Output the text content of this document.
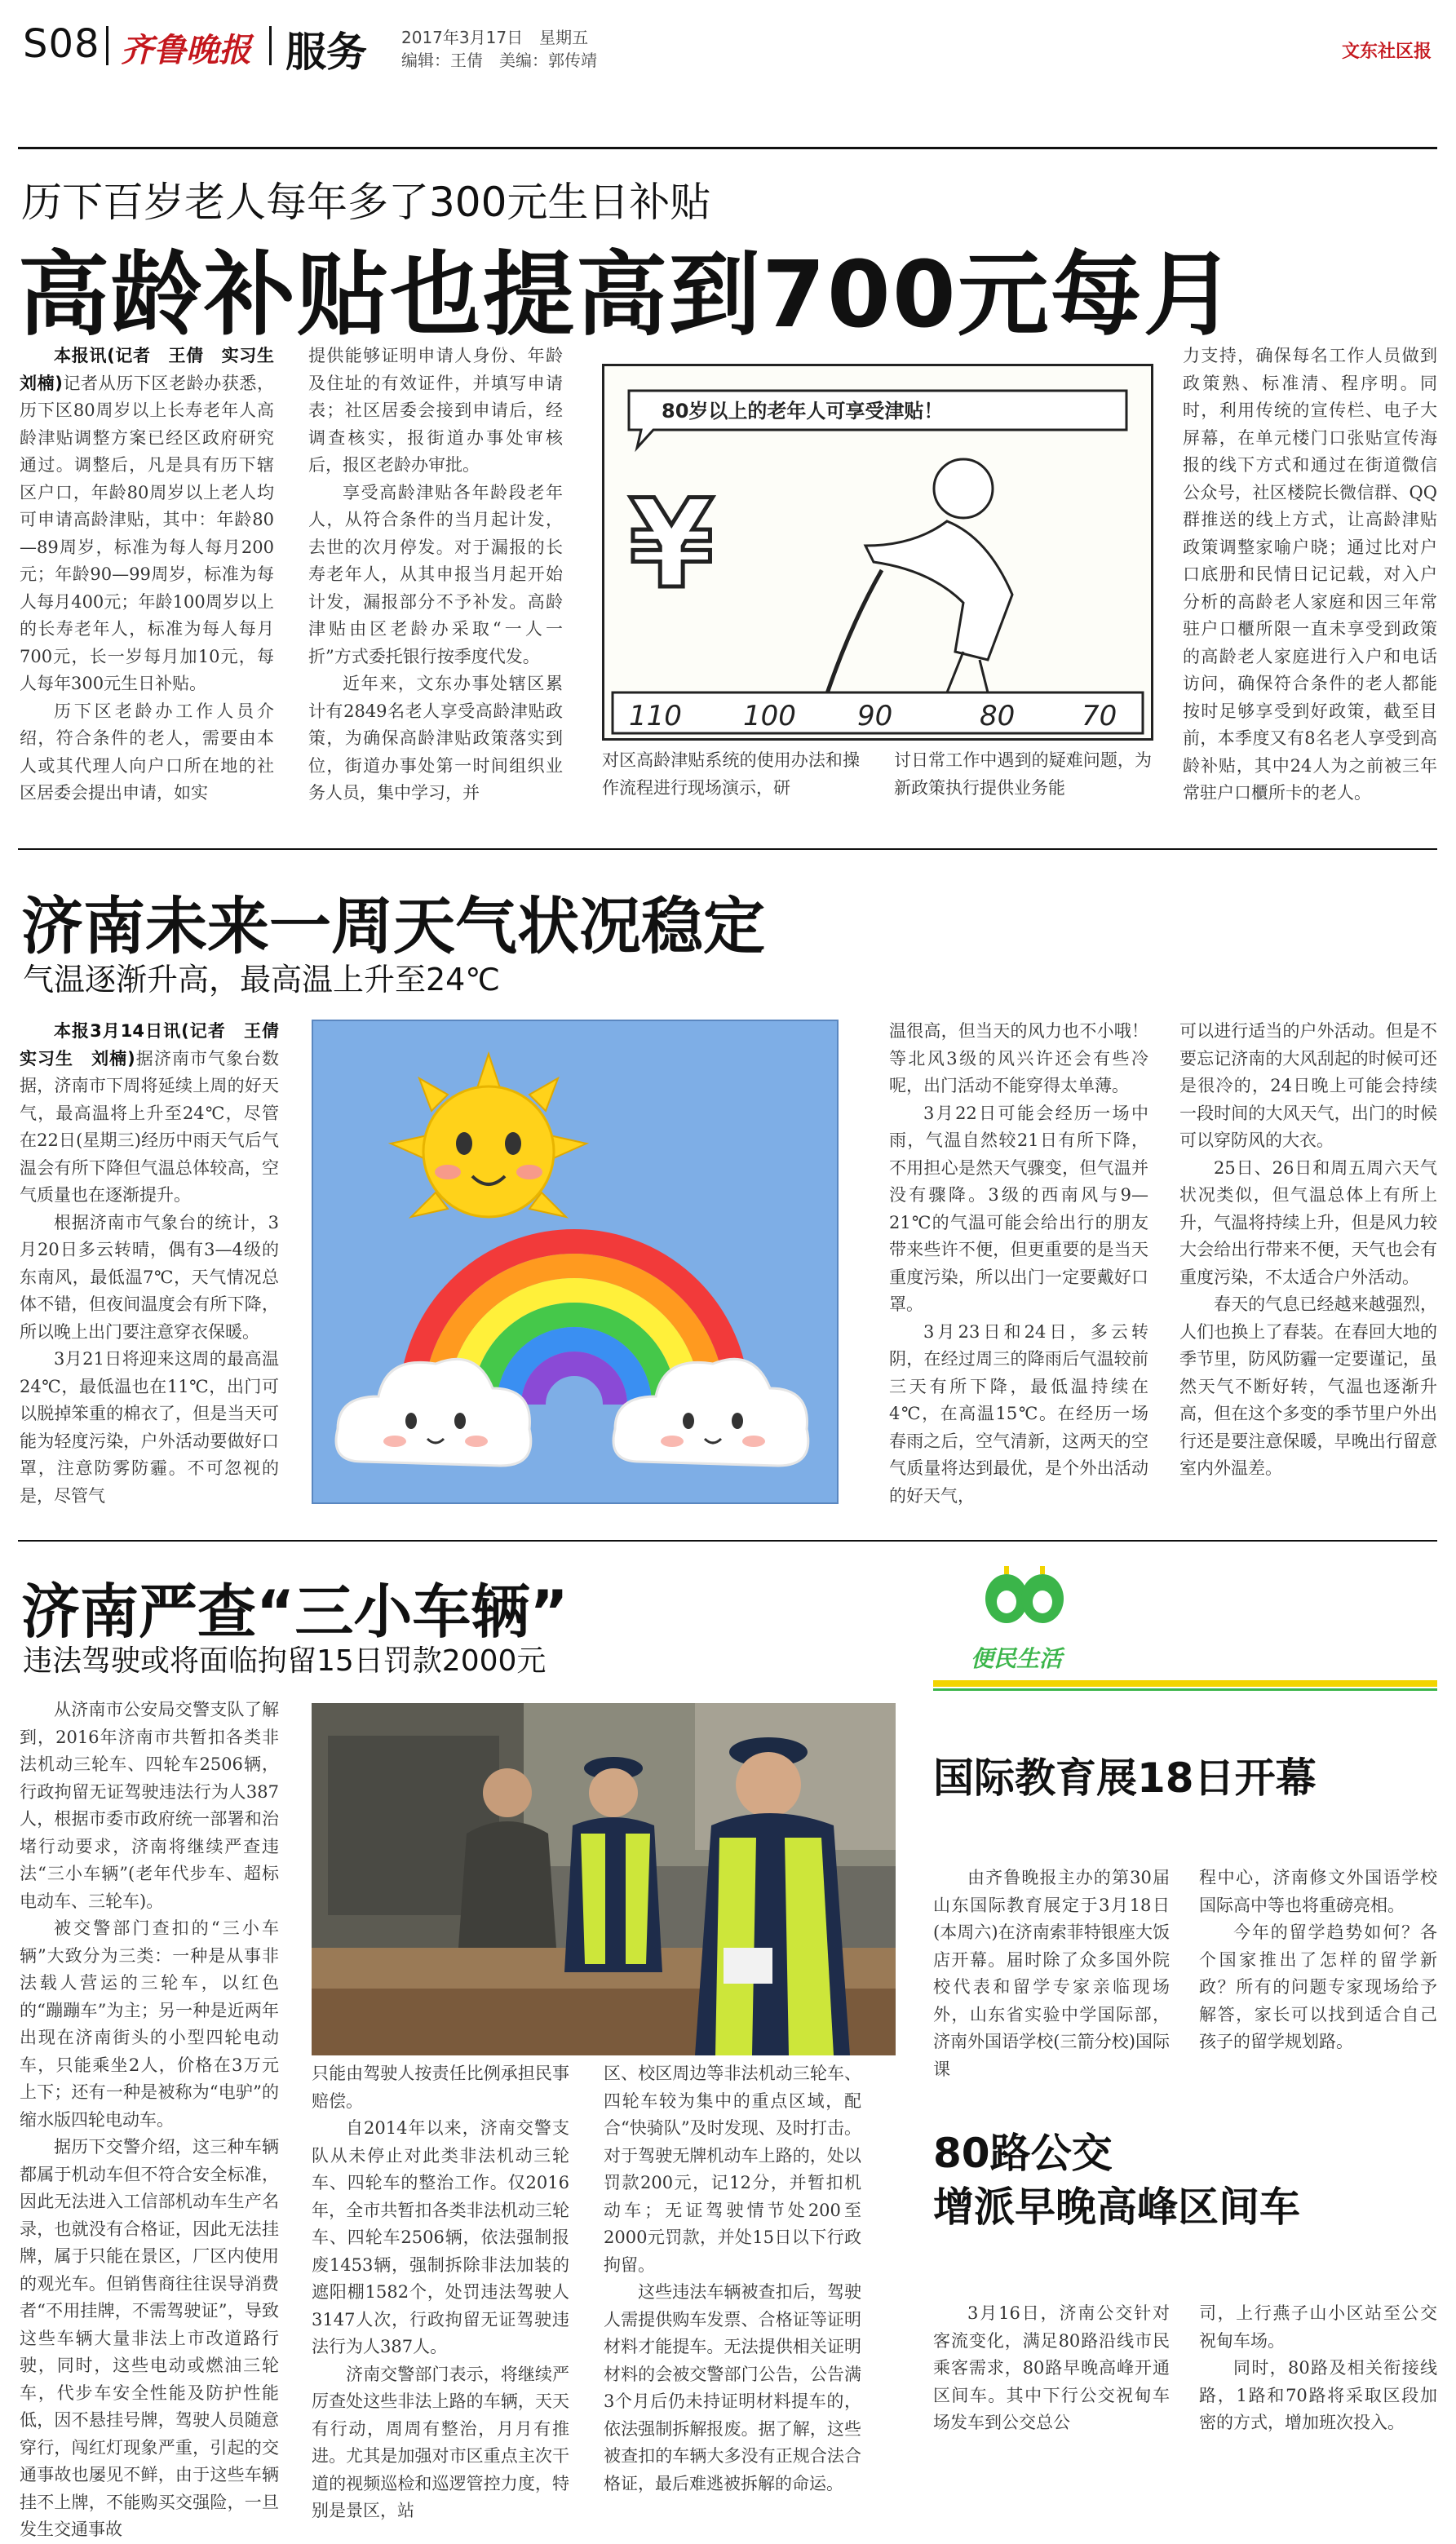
S08 齐鲁晚报 服务 2017年3月17日　星期五
编辑：王倩　美编：郭传靖	文东社区报
历下百岁老人每年多了300元生日补贴
高龄补贴也提高到700元每月

本报讯(记者　王倩　实习生　刘楠)记者从历下区老龄办获悉，历下区80周岁以上长寿老年人高龄津贴调整方案已经区政府研究通过。调整后，凡是具有历下辖区户口，年龄80周岁以上老人均可申请高龄津贴，其中：年龄80—89周岁，标准为每人每月200元；年龄90—99周岁，标准为每人每月400元；年龄100周岁以上的长寿老年人，标准为每人每月700元，长一岁每月加10元，每人每年300元生日补贴。

历下区老龄办工作人员介绍，符合条件的老人，需要由本人或其代理人向户口所在地的社区居委会提出申请，如实

提供能够证明申请人身份、年龄及住址的有效证件，并填写申请表；社区居委会接到申请后，经调查核实，报街道办事处审核后，报区老龄办审批。

享受高龄津贴各年龄段老年人，从符合条件的当月起计发，去世的次月停发。对于漏报的长寿老年人，从其申报当月起开始计发，漏报部分不予补发。高龄津贴由区老龄办采取“一人一折”方式委托银行按季度代发。

近年来，文东办事处辖区累计有2849名老人享受高龄津贴政策，为确保高龄津贴政策落实到位，街道办事处第一时间组织业务人员，集中学习，并

80岁以上的老年人可享受津贴！
¥
110 100 90	80 70

对区高龄津贴系统的使用办法和操作流程进行现场演示，研

讨日常工作中遇到的疑难问题，为新政策执行提供业务能

力支持，确保每名工作人员做到政策熟、标准清、程序明。同时，利用传统的宣传栏、电子大屏幕，在单元楼门口张贴宣传海报的线下方式和通过在街道微信公众号，社区楼院长微信群、QQ群推送的线上方式，让高龄津贴政策调整家喻户晓；通过比对户口底册和民情日记记载，对入户分析的高龄老人家庭和因三年常驻户口櫃所限一直未享受到政策的高龄老人家庭进行入户和电话访问，确保符合条件的老人都能按时足够享受到好政策，截至目前，本季度又有8名老人享受到高龄补贴，其中24人为之前被三年常驻户口櫃所卡的老人。

济南未来一周天气状况稳定
气温逐渐升高，最高温上升至24℃

本报3月14日讯(记者　王倩　实习生　刘楠)据济南市气象台数据，济南市下周将延续上周的好天气，最高温将上升至24℃，尽管在22日(星期三)经历中雨天气后气温会有所下降但气温总体较高，空气质量也在逐渐提升。

根据济南市气象台的统计，3月20日多云转晴，偶有3—4级的东南风，最低温7℃，天气情况总体不错，但夜间温度会有所下降，所以晚上出门要注意穿衣保暖。

3月21日将迎来这周的最高温24℃，最低温也在11℃，出门可以脱掉笨重的棉衣了，但是当天可能为轻度污染，户外活动要做好口罩，注意防雾防霾。不可忽视的是，尽管气

温很高，但当天的风力也不小哦！等北风3级的风兴许还会有些冷呢，出门活动不能穿得太单薄。

3月22日可能会经历一场中雨，气温自然较21日有所下降，不用担心是然天气骤变，但气温并没有骤降。3级的西南风与9—21℃的气温可能会给出行的朋友带来些许不便，但更重要的是当天重度污染，所以出门一定要戴好口罩。

3月23日和24日，多云转阴，在经过周三的降雨后气温较前三天有所下降，最低温持续在4℃，在高温15℃。在经历一场春雨之后，空气清新，这两天的空气质量将达到最优，是个外出活动的好天气，

可以进行适当的户外活动。但是不要忘记济南的大风刮起的时候可还是很冷的，24日晚上可能会持续一段时间的大风天气，出门的时候可以穿防风的大衣。

25日、26日和周五周六天气状况类似，但气温总体上有所上升，气温将持续上升，但是风力较大会给出行带来不便，天气也会有重度污染，不太适合户外活动。

春天的气息已经越来越强烈，人们也换上了春装。在春回大地的季节里，防风防霾一定要谨记，虽然天气不断好转，气温也逐渐升高，但在这个多变的季节里户外出行还是要注意保暖，早晚出行留意室内外温差。

济南严查“三小车辆”
违法驾驶或将面临拘留15日罚款2000元

从济南市公安局交警支队了解到，2016年济南市共暂扣各类非法机动三轮车、四轮车2506辆，行政拘留无证驾驶违法行为人387人，根据市委市政府统一部署和治堵行动要求，济南将继续严查违法“三小车辆”(老年代步车、超标电动车、三轮车)。

被交警部门查扣的“三小车辆”大致分为三类：一种是从事非法载人营运的三轮车，以红色的“蹦蹦车”为主；另一种是近两年出现在济南街头的小型四轮电动车，只能乘坐2人，价格在3万元上下；还有一种是被称为“电驴”的缩水版四轮电动车。

据历下交警介绍，这三种车辆都属于机动车但不符合安全标准，因此无法进入工信部机动车生产名录，也就没有合格证，因此无法挂牌，属于只能在景区，厂区内使用的观光车。但销售商往往误导消费者“不用挂牌，不需驾驶证”，导致这些车辆大量非法上市改道路行驶，同时，这些电动或燃油三轮车，代步车安全性能及防护性能低，因不悬挂号牌，驾驶人员随意穿行，闯红灯现象严重，引起的交通事故也屡见不鲜，由于这些车辆挂不上牌，不能购买交强险，一旦发生交通事故

只能由驾驶人按责任比例承担民事赔偿。

自2014年以来，济南交警支队从未停止对此类非法机动三轮车、四轮车的整治工作。仅2016年，全市共暂扣各类非法机动三轮车、四轮车2506辆，依法强制报废1453辆，强制拆除非法加装的遮阳棚1582个，处罚违法驾驶人3147人次，行政拘留无证驾驶违法行为人387人。

济南交警部门表示，将继续严厉查处这些非法上路的车辆，天天有行动，周周有整治，月月有推进。尤其是加强对市区重点主次干道的视频巡检和巡逻管控力度，特别是景区，站

区、校区周边等非法机动三轮车、四轮车较为集中的重点区域，配合“快骑队”及时发现、及时打击。对于驾驶无牌机动车上路的，处以罚款200元，记12分，并暂扣机动车；无证驾驶情节处200至2000元罚款，并处15日以下行政拘留。

这些违法车辆被查扣后，驾驶人需提供购车发票、合格证等证明材料才能提车。无法提供相关证明材料的会被交警部门公告，公告满3个月后仍未持证明材料提车的，依法强制拆解报废。据了解，这些被查扣的车辆大多没有正规合法合格证，最后难逃被拆解的命运。

便民生活
国际教育展18日开幕

由齐鲁晚报主办的第30届山东国际教育展定于3月18日(本周六)在济南索菲特银座大饭店开幕。届时除了众多国外院校代表和留学专家亲临现场外，山东省实验中学国际部，济南外国语学校(三箭分校)国际课

程中心，济南修文外国语学校国际高中等也将重磅亮相。

今年的留学趋势如何？各个国家推出了怎样的留学新政？所有的问题专家现场给予解答，家长可以找到适合自己孩子的留学规划路。

80路公交
增派早晚高峰区间车

3月16日，济南公交针对客流变化，满足80路沿线市民乘客需求，80路早晚高峰开通区间车。其中下行公交祝甸车场发车到公交总公

司，上行燕子山小区站至公交祝甸车场。

同时，80路及相关衔接线路，1路和70路将采取区段加密的方式，增加班次投入。
